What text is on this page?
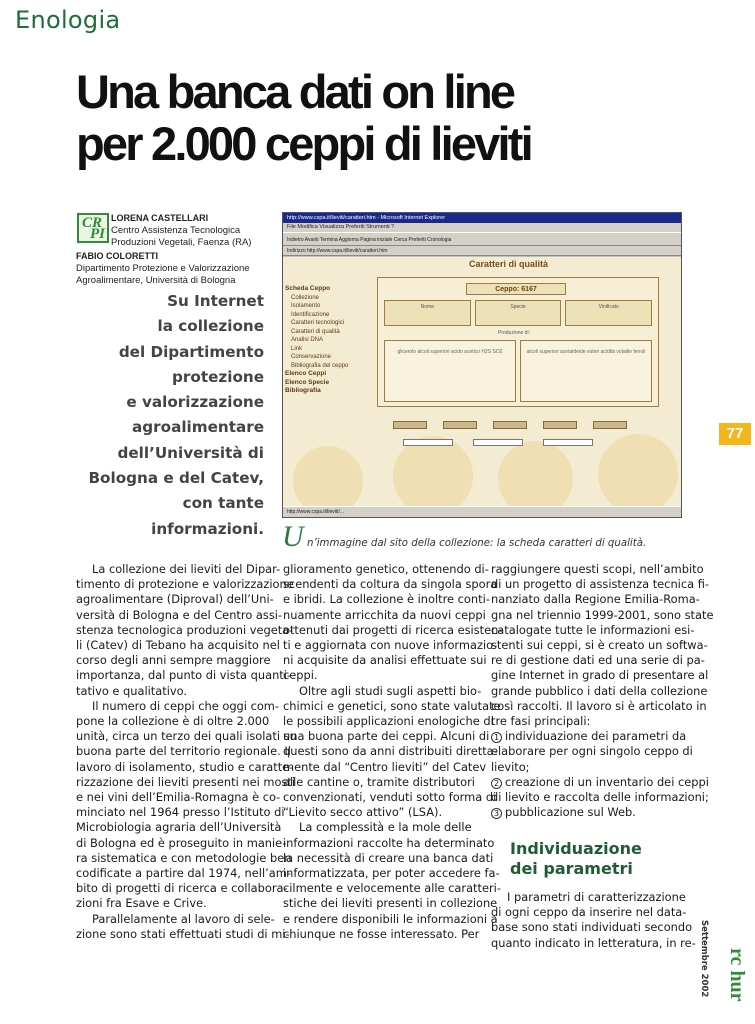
Enologia
Una banca dati on line
per 2.000 ceppi di lieviti
CR
PI
LORENA CASTELLARI
Centro Assistenza Tecnologica
Produzioni Vegetali, Faenza (RA)
FABIO COLORETTI
Dipartimento Protezione e Valorizzazione
Agroalimentare, Università di Bologna
Su Internet
la collezione
del Dipartimento
protezione
e valorizzazione
agroalimentare
dell’Università di
Bologna e del Catev,
con tante
informazioni.
http://www.cspa.it/lieviti/caratteri.htm - Microsoft Internet Explorer
File Modifica Visualizza Preferiti Strumenti ?
Indietro Avanti Termina Aggiorna Pagina iniziale Cerca Preferiti Cronologia
Indirizzo http://www.cspa.it/lieviti/caratteri.htm
Caratteri di qualità
Scheda Ceppo
Collezione
Isolamento
Identificazione
Caratteri tecnologici
Caratteri di qualità
Analisi DNA
Link
Conservazione
Bibliografia del ceppo
Elenco Ceppi
Elenco Specie
Bibliografia
Ceppo: 6167
Nome	Specie	Vinificato
Produzione di:
glicerolo alcoli superiori acido acetico H2S SO2	alcoli superiori acetaldeide esteri acidità volatile fenoli
http://www.cspa.it/lieviti/...
U n’immagine dal sito della collezione: la scheda caratteri di qualità.
77
La collezione dei lieviti del Dipar-
timento di protezione e valorizzazione
agroalimentare (Diproval) dell’Uni-
versità di Bologna e del Centro assi-
stenza tecnologica produzioni vegeta-
li (Catev) di Tebano ha acquisito nel
corso degli anni sempre maggiore
importanza, dal punto di vista quanti-
tativo e qualitativo.
Il numero di ceppi che oggi com-
pone la collezione è di oltre 2.000
unità, circa un terzo dei quali isolati su
buona parte del territorio regionale. Il
lavoro di isolamento, studio e caratte-
rizzazione dei lieviti presenti nei mosti
e nei vini dell’Emilia-Romagna è co-
minciato nel 1964 presso l’Istituto di
Microbiologia agraria dell’Università
di Bologna ed è proseguito in manie-
ra sistematica e con metodologie ben
codificate a partire dal 1974, nell’am-
bito di progetti di ricerca e collabora-
zioni fra Esave e Crive.
Parallelamente al lavoro di sele-
zione sono stati effettuati studi di mi-
glioramento genetico, ottenendo di-
scendenti da coltura da singola spora
e ibridi. La collezione è inoltre conti-
nuamente arricchita da nuovi ceppi
ottenuti dai progetti di ricerca esisten-
ti e aggiornata con nuove informazio-
ni acquisite da analisi effettuate sui
ceppi.
Oltre agli studi sugli aspetti bio-
chimici e genetici, sono state valutate
le possibili applicazioni enologiche di
una buona parte dei ceppi. Alcuni di
questi sono da anni distribuiti diretta-
mente dal “Centro lieviti” del Catev
alle cantine o, tramite distributori
convenzionati, venduti sotto forma di
“Lievito secco attivo” (LSA).
La complessità e la mole delle
informazioni raccolte ha determinato
la necessità di creare una banca dati
informatizzata, per poter accedere fa-
cilmente e velocemente alle caratteri-
stiche dei lieviti presenti in collezione
e rendere disponibili le informazioni a
chiunque ne fosse interessato. Per
raggiungere questi scopi, nell’ambito
di un progetto di assistenza tecnica fi-
nanziato dalla Regione Emilia-Roma-
gna nel triennio 1999-2001, sono state
catalogate tutte le informazioni esi-
stenti sui ceppi, si è creato un softwa-
re di gestione dati ed una serie di pa-
gine Internet in grado di presentare al
grande pubblico i dati della collezione
così raccolti. Il lavoro si è articolato in
tre fasi principali:
1 individuazione dei parametri da
elaborare per ogni singolo ceppo di
lievito;
2 creazione di un inventario dei ceppi
di lievito e raccolta delle informazioni;
3 pubblicazione sul Web.
Individuazione
dei parametri
I parametri di caratterizzazione
di ogni ceppo da inserire nel data-
base sono stati individuati secondo
quanto indicato in letteratura, in re- Settembre 2002 rc hur
